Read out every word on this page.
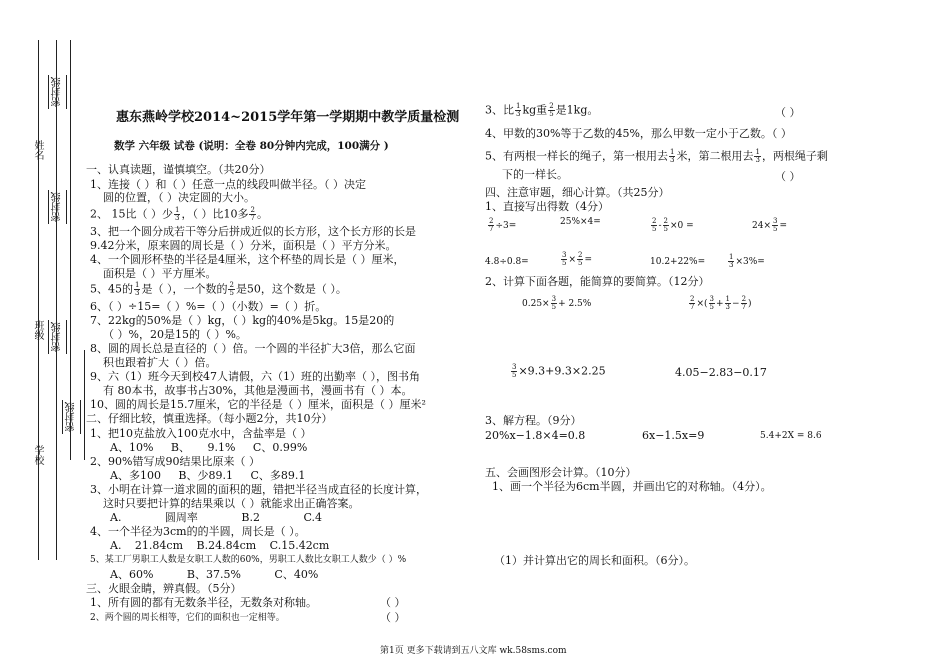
姓名
班级
学校
密封线
密封线
密封线
密封线
惠东燕岭学校2014~2015学年第一学期期中教学质量检测
数学 六年级 试卷 (说明：全卷 80分钟内完成，100满分 )
一、认真读题，谨慎填空。（共20分）
1、连接（ ）和（ ）任意一点的线段叫做半径。（ ）决定
圆的位置，（ ）决定圆的大小。
2、 15比（ ）少 $\frac{1}{3}$ ，（ ）比10多 $\frac{2}{7}$ 。
3、把一个圆分成若干等分后拼成近似的长方形，这个长方形的长是
9.42分米，原来圆的周长是（ ）分米，面积是（ ）平方分米。
4、一个圆形杯垫的半径是4厘米，这个杯垫的周长是（ ）厘米，
面积是（ ）平方厘米。
5、45的 $\frac{1}{3}$ 是（ ），一个数的 $\frac{2}{5}$ 是50，这个数是（ ）。
6、（ ）÷15=（ ）%=（ ）（小数）=（ ）折。
7、22kg的50%是（ ）kg，（ ）kg的40%是5kg。15是20的
（ ）%，20是15的（ ）%。
8、圆的周长总是直径的（ ）倍。一个圆的半径扩大3倍，那么它面
积也跟着扩大（ ）倍。
9、六（1）班今天到校47人请假，六（1）班的出勤率（ ），图书角
有 80本书，故事书占30%，其他是漫画书，漫画书有（ ）本。
10、圆的周长是15.7厘米，它的半径是（ ）厘米，面积是（ ）厘米²
二、仔细比较，慎重选择。（每小题2分，共10分）
1、把10克盐放入100克水中，含盐率是（ ）
A、10% B、 9.1% C、0.99%
2、90%错写成90结果比原来（ ）
A、多100 B、少89.1 C、多89.1
3、小明在计算一道求圆的面积的题，错把半径当成直径的长度计算，
这时只要把计算的结果乘以（ ）就能求出正确答案。
A. 圆周率 B.2 C.4
4、一个半径为3cm的的半圆，周长是（ ）。
A. 21.84cm B.24.84cm C.15.42cm
5、某工厂男职工人数是女职工人数的60%，男职工人数比女职工人数少（ ）%
A、60% B、37.5% C、40%
三、火眼金睛，辨真假。（5分）
1、所有圆的都有无数条半径，无数条对称轴。	（ ）
2、两个圆的周长相等，它们的面积也一定相等。	（ ）
3、比 $\frac{1}{3}$ kg重 $\frac{2}{5}$ 是1kg。	（ ）
4、甲数的30%等于乙数的45%，那么甲数一定小于乙数。（ ）
5、有两根一样长的绳子，第一根用去 $\frac{1}{3}$ 米，第二根用去 $\frac{1}{3}$ ，两根绳子剩
下的一样长。	（ ）
四、注意审题，细心计算。（共25分）
1、直接写出得数（4分）
$\frac{2}{7} \div 3=$	25%×4=	$\frac{2}{5} - \frac{2}{5} \times 0$ =	$24\times \frac{3}{5}$ =
4.8÷0.8=	$\frac{3}{5} \times \frac{2}{5}$ =	10.2+22%=	$\frac{1}{3} \times 3\%=$
2、计算下面各题，能简算的要简算。（12分）
$0.25\times \frac{3}{5} + 2.5\%$	$\frac{2}{7}$ ×( $\frac{3}{5} + \frac{1}{3} - \frac{2}{7}$ )
$\frac{3}{5} \times 9.3+9.3\times 2.25$	4.05−2.83−0.17
3、解方程。（9分）
20%x−1.8×4=0.8	6x−1.5x=9	5.4+2X = 8.6
五、会画图形会计算。（10分）
1、画一个半径为6cm半圆，并画出它的对称轴。（4分）。
（1）并计算出它的周长和面积。（6分）。
第1页 更多下载请到五八文库 wk.58sms.com
